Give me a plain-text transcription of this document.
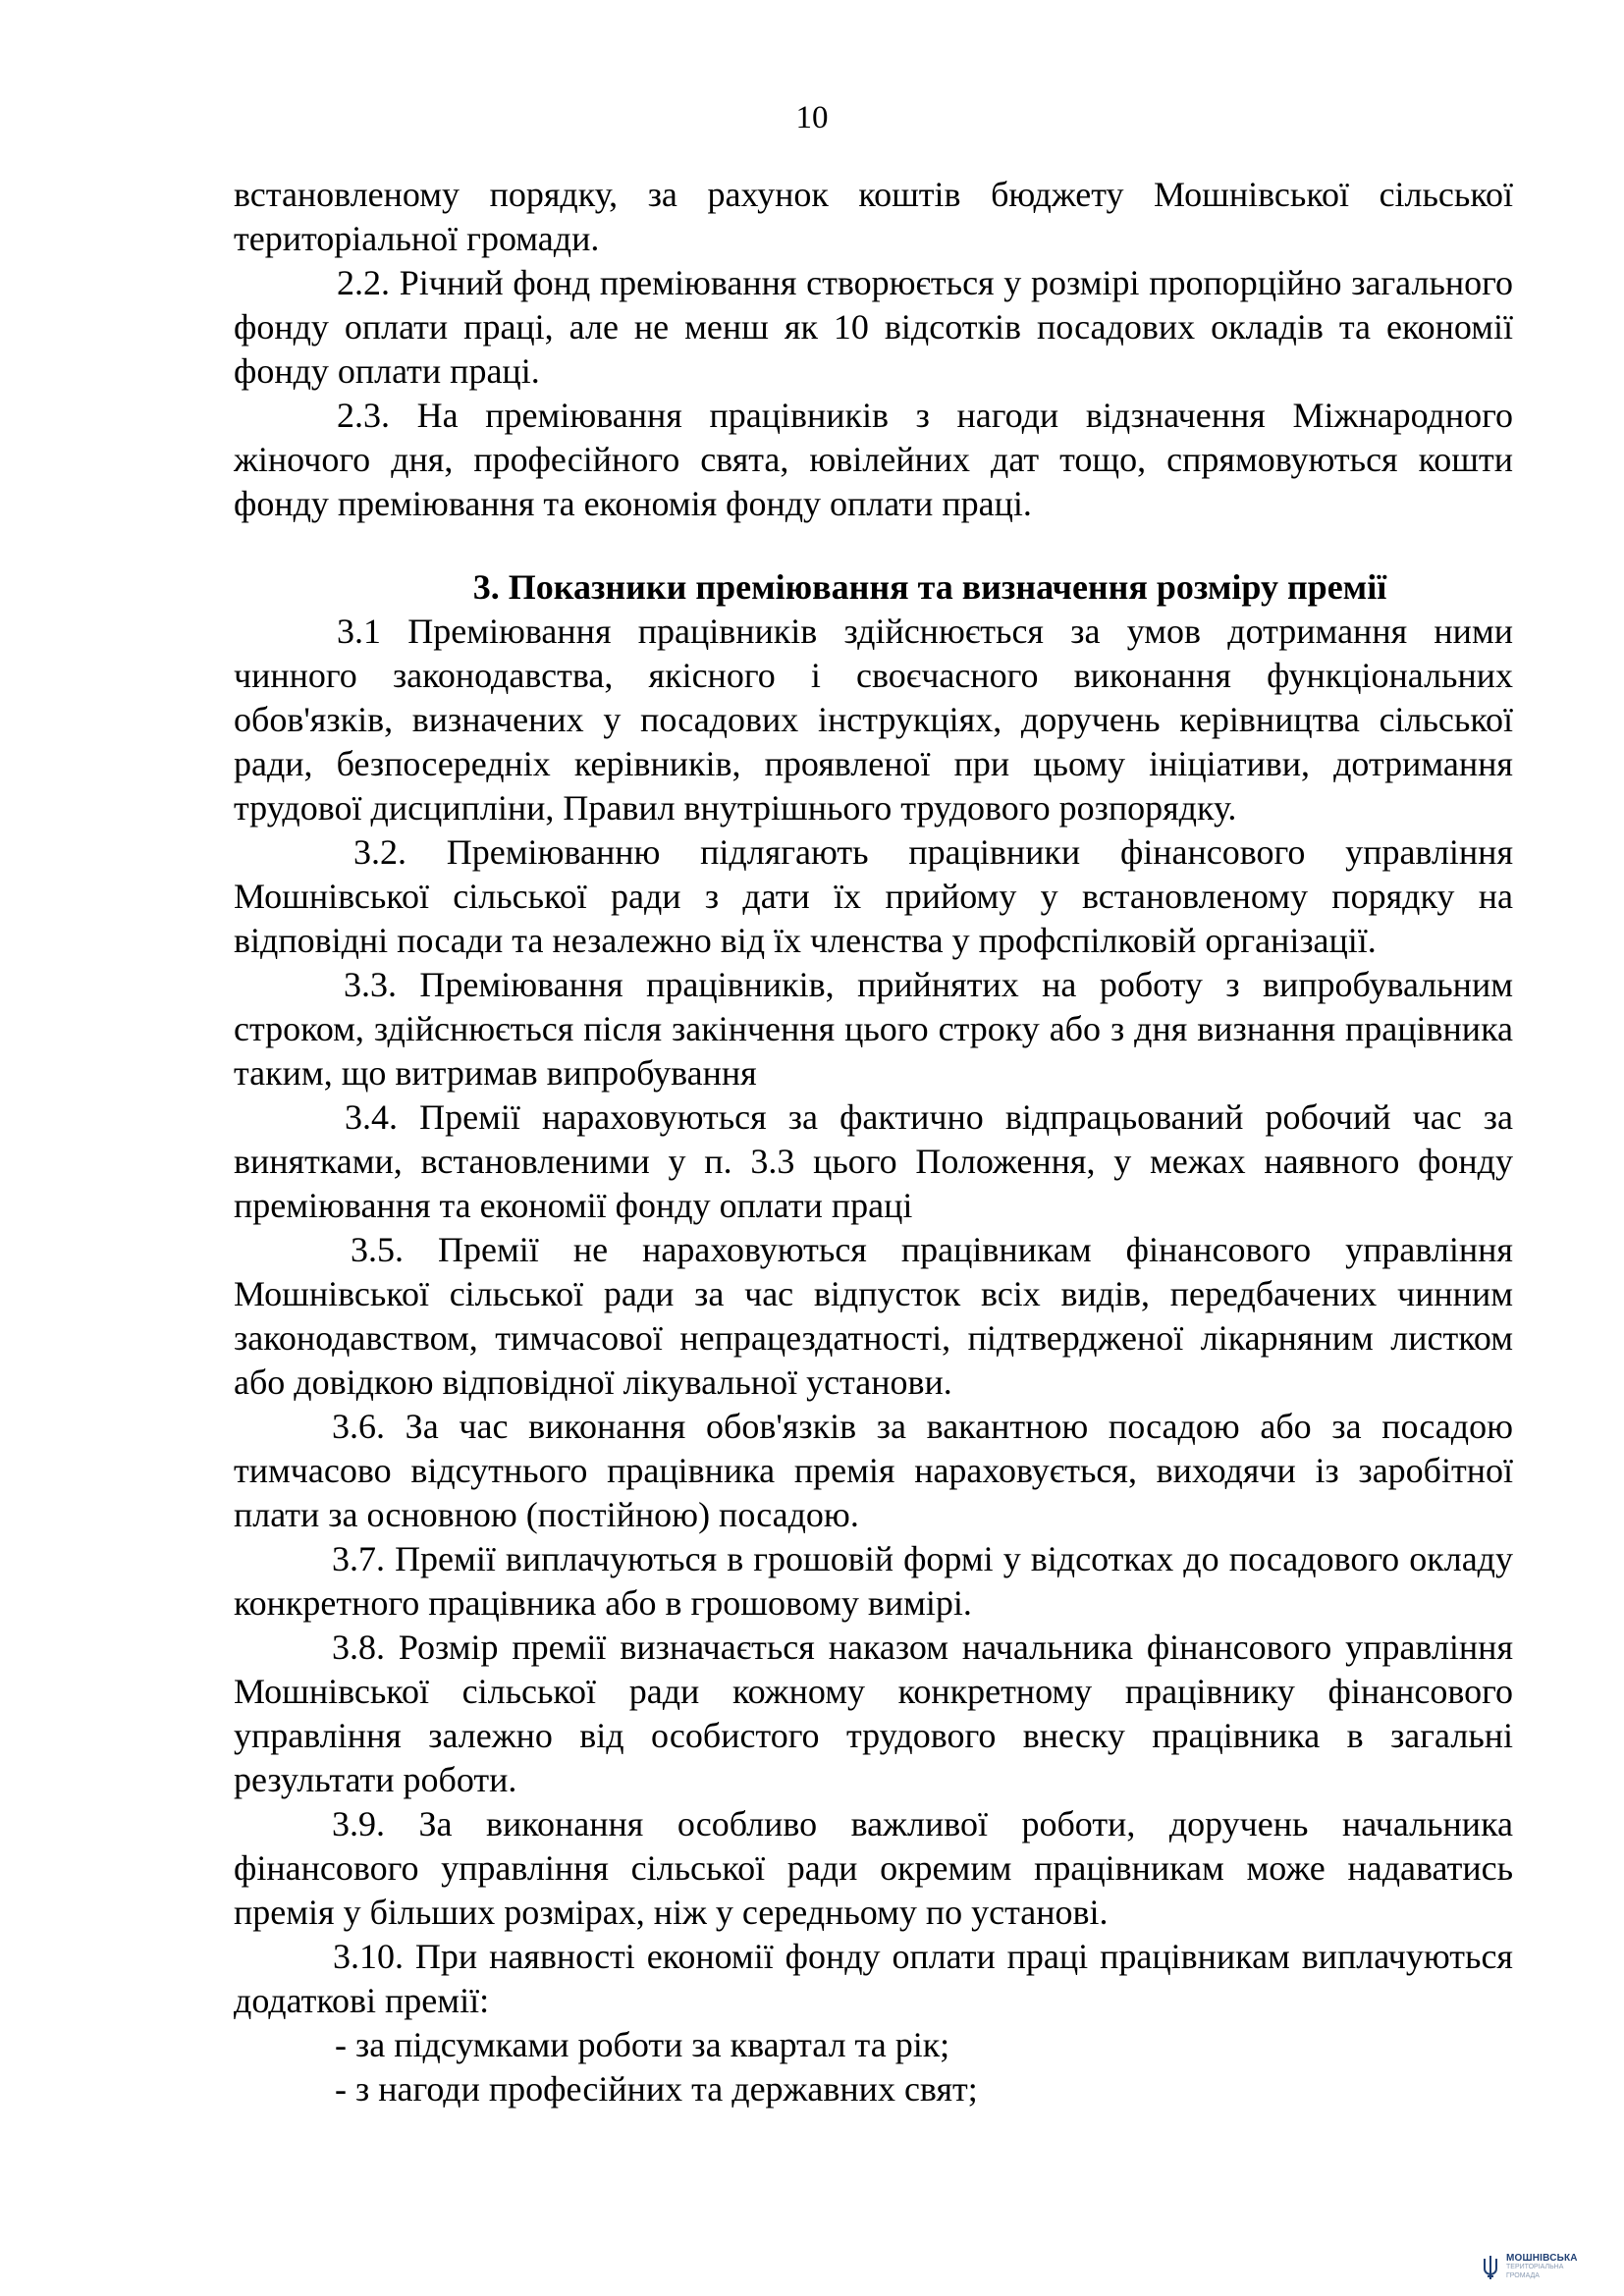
10

встановленому порядку, за рахунок коштів бюджету Мошнівської сільської територіальної громади.

2.2. Річний фонд преміювання створюється у розмірі пропорційно загального фонду оплати праці, але не менш як 10 відсотків посадових окладів та економії фонду оплати праці.

2.3. На преміювання працівників з нагоди відзначення Міжнародного жіночого дня, професійного свята, ювілейних дат тощо, спрямовуються кошти фонду преміювання та економія фонду оплати праці.

3. Показники преміювання та визначення розміру премії

3.1 Преміювання працівників здійснюється за умов дотримання ними чинного законодавства, якісного і своєчасного виконання функціональних обов'язків, визначених у посадових інструкціях, доручень керівництва сільської ради, безпосередніх керівників, проявленої при цьому ініціативи, дотримання трудової дисципліни, Правил внутрішнього трудового розпорядку.

3.2. Преміюванню підлягають працівники фінансового управління Мошнівської сільської ради з дати їх прийому у встановленому порядку на відповідні посади та незалежно від їх членства у профспілковій організації.

3.3. Преміювання працівників, прийнятих на роботу з випробувальним строком, здійснюється після закінчення цього строку або з дня визнання працівника таким, що витримав випробування

3.4. Премії нараховуються за фактично відпрацьований робочий час за винятками, встановленими у п. 3.3 цього Положення, у межах наявного фонду преміювання та економії фонду оплати праці

3.5. Премії не нараховуються працівникам фінансового управління Мошнівської сільської ради за час відпусток всіх видів, передбачених чинним законодавством, тимчасової непрацездатності, підтвердженої лікарняним листком або довідкою відповідної лікувальної установи.

3.6. За час виконання обов'язків за вакантною посадою або за посадою тимчасово відсутнього працівника премія нараховується, виходячи із заробітної плати за основною (постійною) посадою.

3.7. Премії виплачуються в грошовій формі у відсотках до посадового окладу конкретного працівника або в грошовому вимірі.

3.8. Розмір премії визначається наказом начальника фінансового управління Мошнівської сільської ради кожному конкретному працівнику фінансового управління залежно від особистого трудового внеску працівника в загальні результати роботи.

3.9. За виконання особливо важливої роботи, доручень начальника фінансового управління сільської ради окремим працівникам може надаватись премія у більших розмірах, ніж у середньому по установі.

3.10. При наявності економії фонду оплати праці працівникам виплачуються додаткові премії:

- за підсумками роботи за квартал та рік;

- з нагоди професійних та державних свят;

МОШНІВСЬКА
ТЕРИТОРІАЛЬНА
ГРОМАДА
